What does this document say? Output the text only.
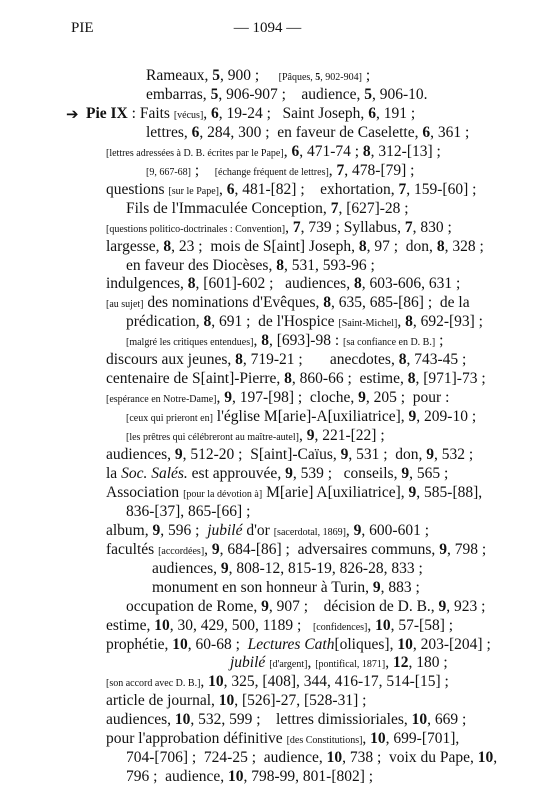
PIE	— 1094 —
Rameaux, 5, 900 ;     [Pâques, 5, 902-904] ;
embarras, 5, 906-907 ;    audience, 5, 906-10.
Pie IX : Faits [vécus], 6, 19-24 ;   Saint Joseph, 6, 191 ;
➔
lettres, 6, 284, 300 ;  en faveur de Caselette, 6, 361 ;
[lettres adressées à D. B. écrites par le Pape], 6, 471-74 ; 8, 312-[13] ;
[9, 667-68] ;    [échange fréquent de lettres], 7, 478-[79] ;
questions [sur le Pape], 6, 481-[82] ;    exhortation, 7, 159-[60] ;
Fils de l'Immaculée Conception, 7, [627]-28 ;
[questions politico-doctrinales : Convention], 7, 739 ; Syllabus, 7, 830 ;
largesse, 8, 23 ;  mois de S[aint] Joseph, 8, 97 ;  don, 8, 328 ;
en faveur des Diocèses, 8, 531, 593-96 ;
indulgences, 8, [601]-602 ;   audiences, 8, 603-606, 631 ;
[au sujet] des nominations d'Evêques, 8, 635, 685-[86] ;  de la
prédication, 8, 691 ;  de l'Hospice [Saint-Michel], 8, 692-[93] ;
[malgré les critiques entendues], 8, [693]-98 : [sa confiance en D. B.] ;
discours aux jeunes, 8, 719-21 ;       anecdotes, 8, 743-45 ;
centenaire de S[aint]-Pierre, 8, 860-66 ;  estime, 8, [971]-73 ;
[espérance en Notre-Dame], 9, 197-[98] ;  cloche, 9, 205 ;  pour :
[ceux qui prieront en] l'église M[arie]-A[uxiliatrice], 9, 209-10 ;
[les prêtres qui célébreront au maître-autel], 9, 221-[22] ;
audiences, 9, 512-20 ;  S[aint]-Caïus, 9, 531 ;  don, 9, 532 ;
la Soc. Salés. est approuvée, 9, 539 ;   conseils, 9, 565 ;
Association [pour la dévotion à] M[arie] A[uxiliatrice], 9, 585-[88],
836-[37], 865-[66] ;
album, 9, 596 ;  jubilé d'or [sacerdotal, 1869], 9, 600-601 ;
facultés [accordées], 9, 684-[86] ;  adversaires communs, 9, 798 ;
audiences, 9, 808-12, 815-19, 826-28, 833 ;
monument en son honneur à Turin, 9, 883 ;
occupation de Rome, 9, 907 ;    décision de D. B., 9, 923 ;
estime, 10, 30, 429, 500, 1189 ;   [confidences], 10, 57-[58] ;
prophétie, 10, 60-68 ;  Lectures Cath[oliques], 10, 203-[204] ;
jubilé [d'argent], [pontifical, 1871], 12, 180 ;
[son accord avec D. B.], 10, 325, [408], 344, 416-17, 514-[15] ;
article de journal, 10, [526]-27, [528-31] ;
audiences, 10, 532, 599 ;    lettres dimissioriales, 10, 669 ;
pour l'approbation définitive [des Constitutions], 10, 699-[701],
704-[706] ;  724-25 ;  audience, 10, 738 ;  voix du Pape, 10,
796 ;  audience, 10, 798-99, 801-[802] ;
